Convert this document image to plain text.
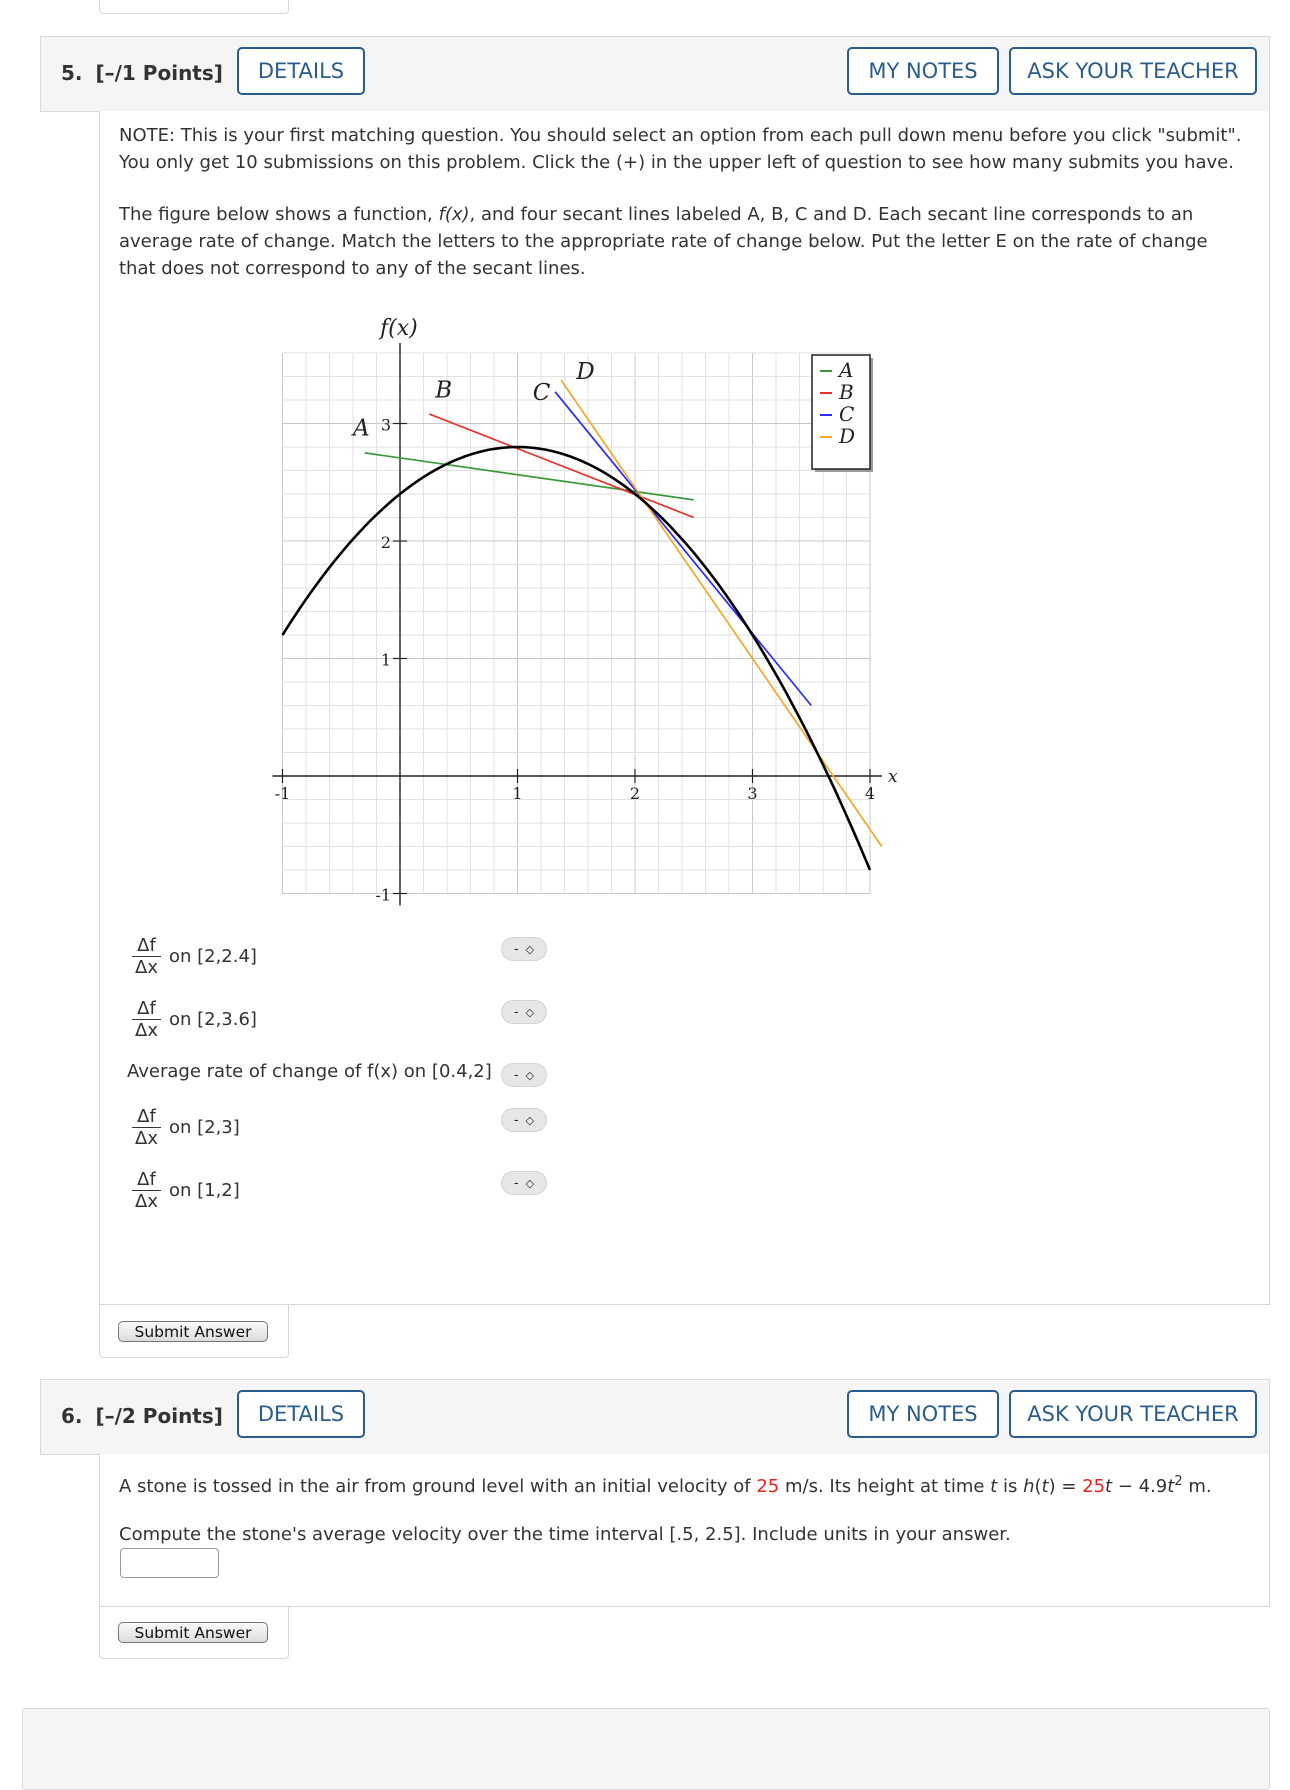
5. [–/1 Points]	DETAILS	MY NOTES	ASK YOUR TEACHER
NOTE: This is your first matching question. You should select an option from each pull down menu before you click "submit". You only get 10 submissions on this problem. Click the (+) in the upper left of question to see how many submits you have.
The figure below shows a function, f(x), and four secant lines labeled A, B, C and D. Each secant line corresponds to an average rate of change. Match the letters to the appropriate rate of change below. Put the letter E on the rate of change that does not correspond to any of the secant lines.
-1	1	2	3	4
-1
1
2
3
A
B	C
D
f(x)
x
A
B
C
D
$\frac{\Delta f}{\Delta x}$ on [2,2.4]	- ◇
$\frac{\Delta f}{\Delta x}$ on [2,3.6]	- ◇
Average rate of change of f(x) on [0.4,2] - ◇
$\frac{\Delta f}{\Delta x}$ on [2,3]	- ◇
$\frac{\Delta f}{\Delta x}$ on [1,2]	- ◇
Submit Answer
6. [–/2 Points]	DETAILS	MY NOTES	ASK YOUR TEACHER
A stone is tossed in the air from ground level with an initial velocity of 25 m/s. Its height at time t is $h(t) = 25t - 4.9t^2$ m.
Compute the stone's average velocity over the time interval [.5, 2.5]. Include units in your answer.
Submit Answer
